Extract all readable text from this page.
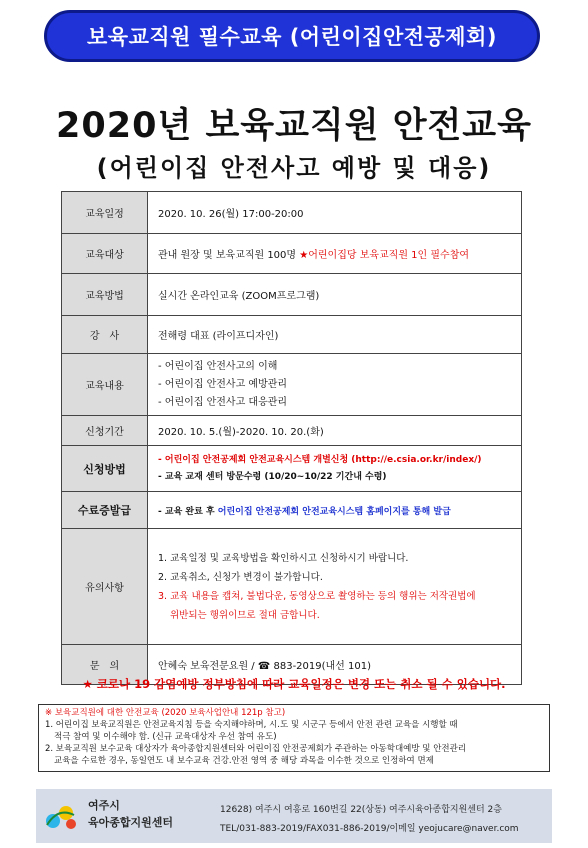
보육교직원 필수교육 (어린이집안전공제회)
2020년 보육교직원 안전교육
(어린이집 안전사고 예방 및 대응)
교육일정	2020. 10. 26(월) 17:00-20:00
교육대상	관내 원장 및 보육교직원 100명 ★어린이집당 보육교직원 1인 필수참여
교육방법	실시간 온라인교육 (ZOOM프로그램)
강　사	전해령 대표 (라이프디자인)
교육내용	- 어린이집 안전사고의 이해
- 어린이집 안전사고 예방관리
- 어린이집 안전사고 대응관리

신청기간	2020. 10. 5.(월)-2020. 10. 20.(화)
신청방법	- 어린이집 안전공제회 안전교육시스템 개별신청 (http://e.csia.or.kr/index/)
- 교육 교재 센터 방문수령 (10/20~10/22 기간내 수령)

수료증발급	- 교육 완료 후 어린이집 안전공제회 안전교육시스템 홈페이지를 통해 발급
유의사항	1. 교육일정 및 교육방법을 확인하시고 신청하시기 바랍니다.
2. 교육취소, 신청가 변경이 불가합니다.
3. 교육 내용을 캡쳐, 불법다운, 동영상으로 촬영하는 등의 행위는 저작권법에
위반되는 행위이므로 절대 금합니다.

문　의	안혜숙 보육전문요원 / ☎ 883-2019(내선 101)
★ 코로나 19 감염예방 정부방침에 따라 교육일정은 변경 또는 취소 될 수 있습니다.
※ 보육교직원에 대한 안전교육 (2020 보육사업안내 121p 참고)
1. 어린이집 보육교직원은 안전교육지침 등을 숙지해야하며, 시.도 및 시군구 등에서 안전 관련 교육을 시행할 때
적극 참여 및 이수해야 함. (신규 교육대상자 우선 참여 유도)
2. 보육교직원 보수교육 대상자가 육아종합지원센터와 어린이집 안전공제회가 주관하는 아동학대예방 및 안전관리
교육을 수료한 경우, 동일연도 내 보수교육 건강.안전 영역 중 해당 과목을 이수한 것으로 인정하여 면제
여주시
육아종합지원센터
12628) 여주시 여흥로 160번길 22(상동) 여주시육아종합지원센터 2층
TEL/031-883-2019/FAX031-886-2019/이메일 yeojucare@naver.com
